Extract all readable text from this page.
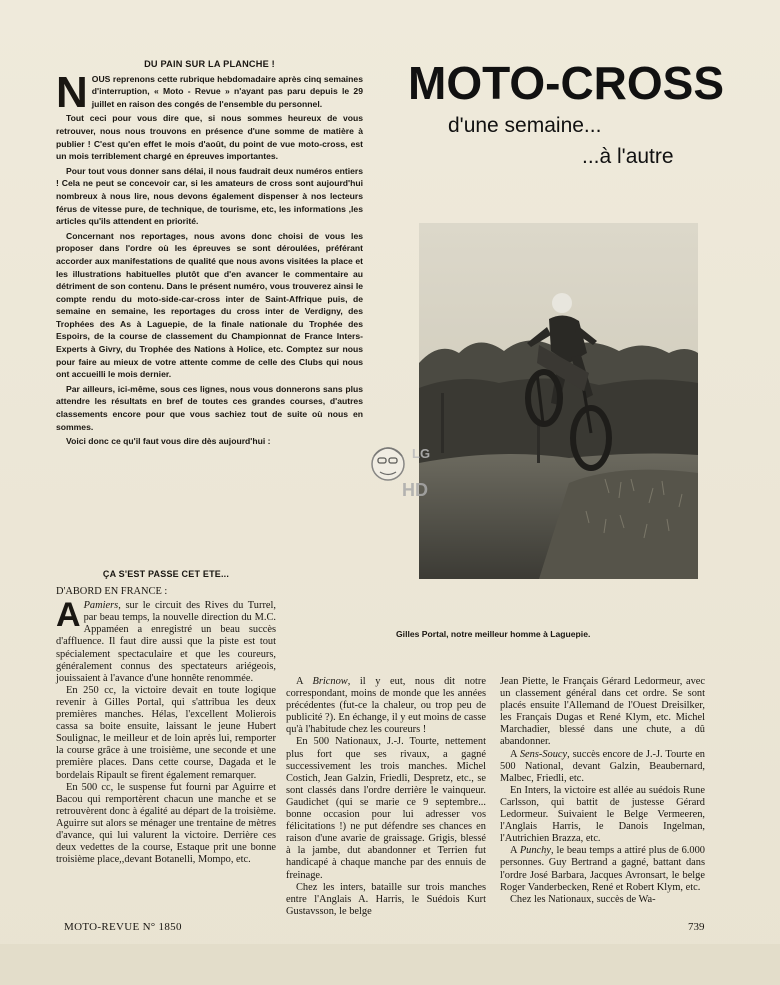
DU PAIN SUR LA PLANCHE !

NOUS reprenons cette rubrique hebdomadaire après cinq semaines d'interruption, « Moto - Revue » n'ayant pas paru depuis le 29 juillet en raison des congés de l'ensemble du personnel.

Tout ceci pour vous dire que, si nous sommes heureux de vous retrouver, nous nous trouvons en présence d'une somme de matière à publier ! C'est qu'en effet le mois d'août, du point de vue moto-cross, est un mois terriblement chargé en épreuves importantes.

Pour tout vous donner sans délai, il nous faudrait deux numéros entiers ! Cela ne peut se concevoir car, si les amateurs de cross sont aujourd'hui nombreux à nous lire, nous devons également dispenser à nos lecteurs férus de vitesse pure, de technique, de tourisme, etc, les informations ,les articles qu'ils attendent en priorité.

Concernant nos reportages, nous avons donc choisi de vous les proposer dans l'ordre où les épreuves se sont déroulées, préférant accorder aux manifestations de qualité que nous avons visitées la place et les illustrations habituelles plutôt que d'en avancer le commentaire au détriment de son contenu. Dans le présent numéro, vous trouverez ainsi le compte rendu du moto-side-car-cross inter de Saint-Affrique puis, de semaine en semaine, les reportages du cross inter de Verdigny, des Trophées des As à Laguepie, de la finale nationale du Trophée des Espoirs, de la course de classement du Championnat de France Inters-Experts à Givry, du Trophée des Nations à Holice, etc. Comptez sur nous pour faire au mieux de votre attente comme de celle des Clubs qui nous ont accueilli le mois dernier.

Par ailleurs, ici-même, sous ces lignes, nous vous donnerons sans plus attendre les résultats en bref de toutes ces grandes courses, d'autres classements encore pour que vous sachiez tout de suite où nous en sommes.

Voici donc ce qu'il faut vous dire dès aujourd'hui :

MOTO-CROSS
d'une semaine...
...à l'autre
Gilles Portal, notre meilleur homme à Laguepie.
LG
HD
ÇA S'EST PASSE CET ETE...
D'ABORD EN FRANCE :

A Pamiers, sur le circuit des Rives du Turrel, par beau temps, la nouvelle direction du M.C. Appaméen a enregistré un beau succès d'affluence. Il faut dire aussi que la piste est tout spécialement spectaculaire et que les coureurs, généralement connus des spectateurs ariégeois, jouissaient à l'avance d'une honnête renommée.

En 250 cc, la victoire devait en toute logique revenir à Gilles Portal, qui s'attribua les deux premières manches. Hélas, l'excellent Molierois cassa sa boite ensuite, laissant le jeune Hubert Soulignac, le meilleur et de loin après lui, remporter la course grâce à une troisième, une seconde et une première places. Dans cette course, Dagada et le bordelais Ripault se firent également remarquer.

En 500 cc, le suspense fut fourni par Aguirre et Bacou qui remportèrent chacun une manche et se retrouvèrent donc à égalité au départ de la troisième. Aguirre sut alors se ménager une trentaine de mètres d'avance, qui lui valurent la victoire. Derrière ces deux vedettes de la course, Estaque prit une bonne troisième place,,devant Botanelli, Mompo, etc.

A Bricnow, il y eut, nous dit notre correspondant, moins de monde que les années précédentes (fut-ce la chaleur, ou trop peu de publicité ?). En échange, il y eut moins de casse qu'à l'habitude chez les coureurs !

En 500 Nationaux, J.-J. Tourte, nettement plus fort que ses rivaux, a gagné successivement les trois manches. Michel Costich, Jean Galzin, Friedli, Despretz, etc., se sont classés dans l'ordre derrière le vainqueur. Gaudichet (qui se marie ce 9 septembre... bonne occasion pour lui adresser vos félicitations !) ne put défendre ses chances en raison d'une avarie de graissage. Grigis, blessé à la jambe, dut abandonner et Terrien fut handicapé à chaque manche par des ennuis de freinage.

Chez les inters, bataille sur trois manches entre l'Anglais A. Harris, le Suédois Kurt Gustavsson, le belge

Jean Piette, le Français Gérard Ledormeur, avec un classement général dans cet ordre. Se sont placés ensuite l'Allemand de l'Ouest Dreisilker, les Français Dugas et René Klym, etc. Michel Marchadier, blessé dans une chute, a dû abandonner.

A Sens-Soucy, succès encore de J.-J. Tourte en 500 National, devant Galzin, Beaubernard, Malbec, Friedli, etc.

En Inters, la victoire est allée au suédois Rune Carlsson, qui battit de justesse Gérard Ledormeur. Suivaient le Belge Vermeeren, l'Anglais Harris, le Danois Ingelman, l'Autrichien Brazza, etc.

A Punchy, le beau temps a attiré plus de 6.000 personnes. Guy Bertrand a gagné, battant dans l'ordre José Barbara, Jacques Avronsart, le belge Roger Vanderbecken, René et Robert Klym, etc.

Chez les Nationaux, succès de Wa-

MOTO-REVUE N° 1850	739
